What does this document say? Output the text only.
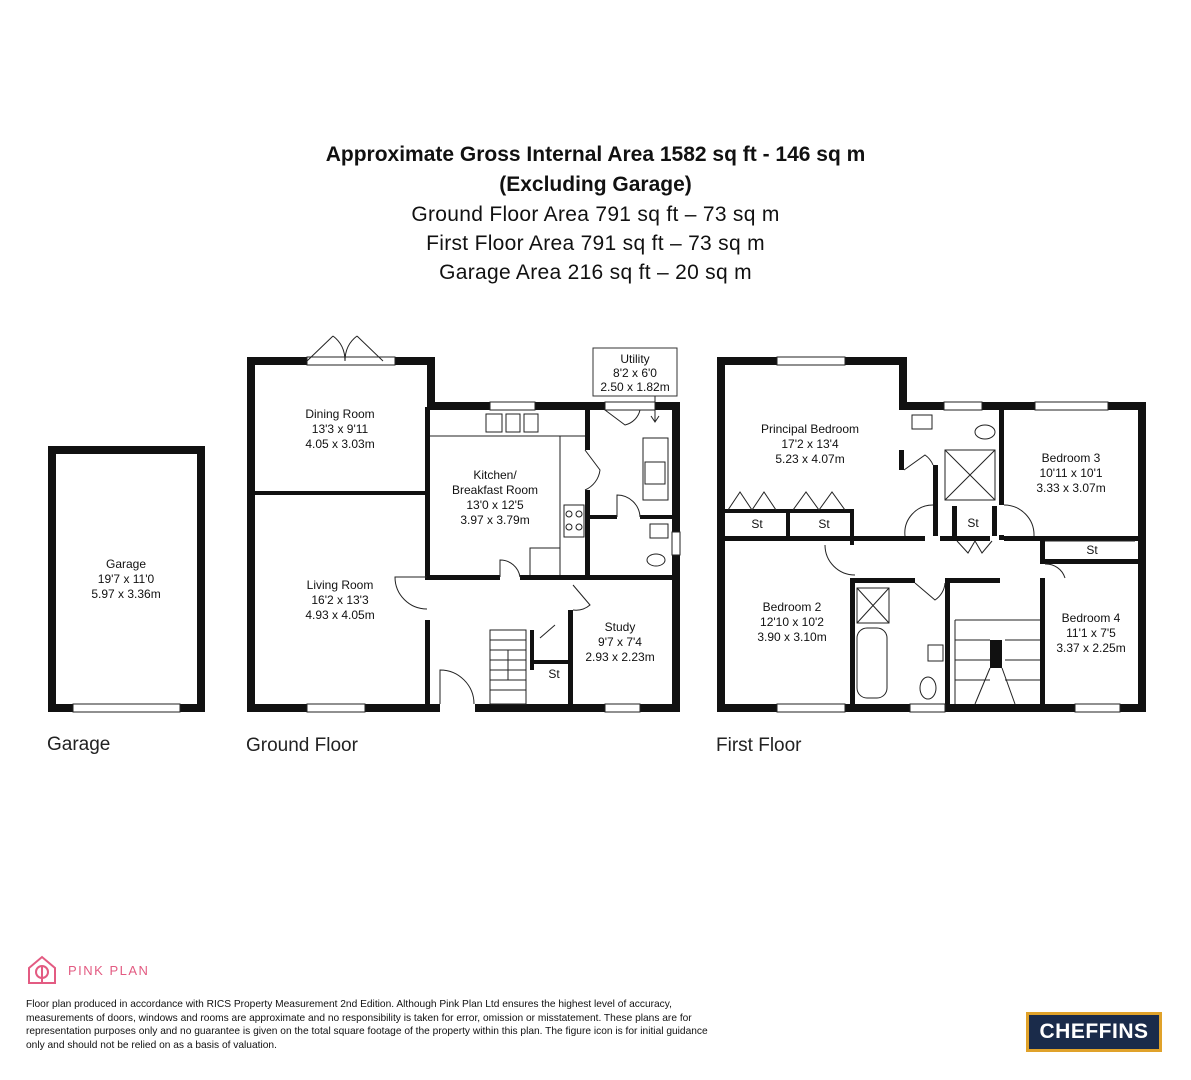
Approximate Gross Internal Area 1582 sq ft - 146 sq m
(Excluding Garage)
Ground Floor Area 791 sq ft – 73 sq m
First Floor Area 791 sq ft – 73 sq m
Garage Area 216 sq ft – 20 sq m
Garage
19'7 x 11'0
5.97 x 3.36m
Garage
Dining Room
13'3 x 9'11
4.05 x 3.03m
Kitchen/
Breakfast Room
13'0 x 12'5
3.97 x 3.79m
Utility
8'2 x 6'0
2.50 x 1.82m
Living Room
16'2 x 13'3
4.93 x 4.05m
Study
9'7 x 7'4
2.93 x 2.23m
St
Ground Floor
Principal Bedroom
17'2 x 13'4
5.23 x 4.07m	Bedroom 3
10'11 x 10'1
3.33 x 3.07m
Bedroom 2
12'10 x 10'2
3.90 x 3.10m
Bedroom 4
11'1 x 7'5
3.37 x 2.25m
St	St	St
St
First Floor
PINK PLAN
Floor plan produced in accordance with RICS Property Measurement 2nd Edition. Although Pink Plan Ltd ensures the highest level of accuracy, measurements of doors, windows and rooms are approximate and no responsibility is taken for error, omission or misstatement. These plans are for representation purposes only and no guarantee is given on the total square footage of the property within this plan. The figure icon is for initial guidance only and should not be relied on as a basis of valuation.
CHEFFINS
